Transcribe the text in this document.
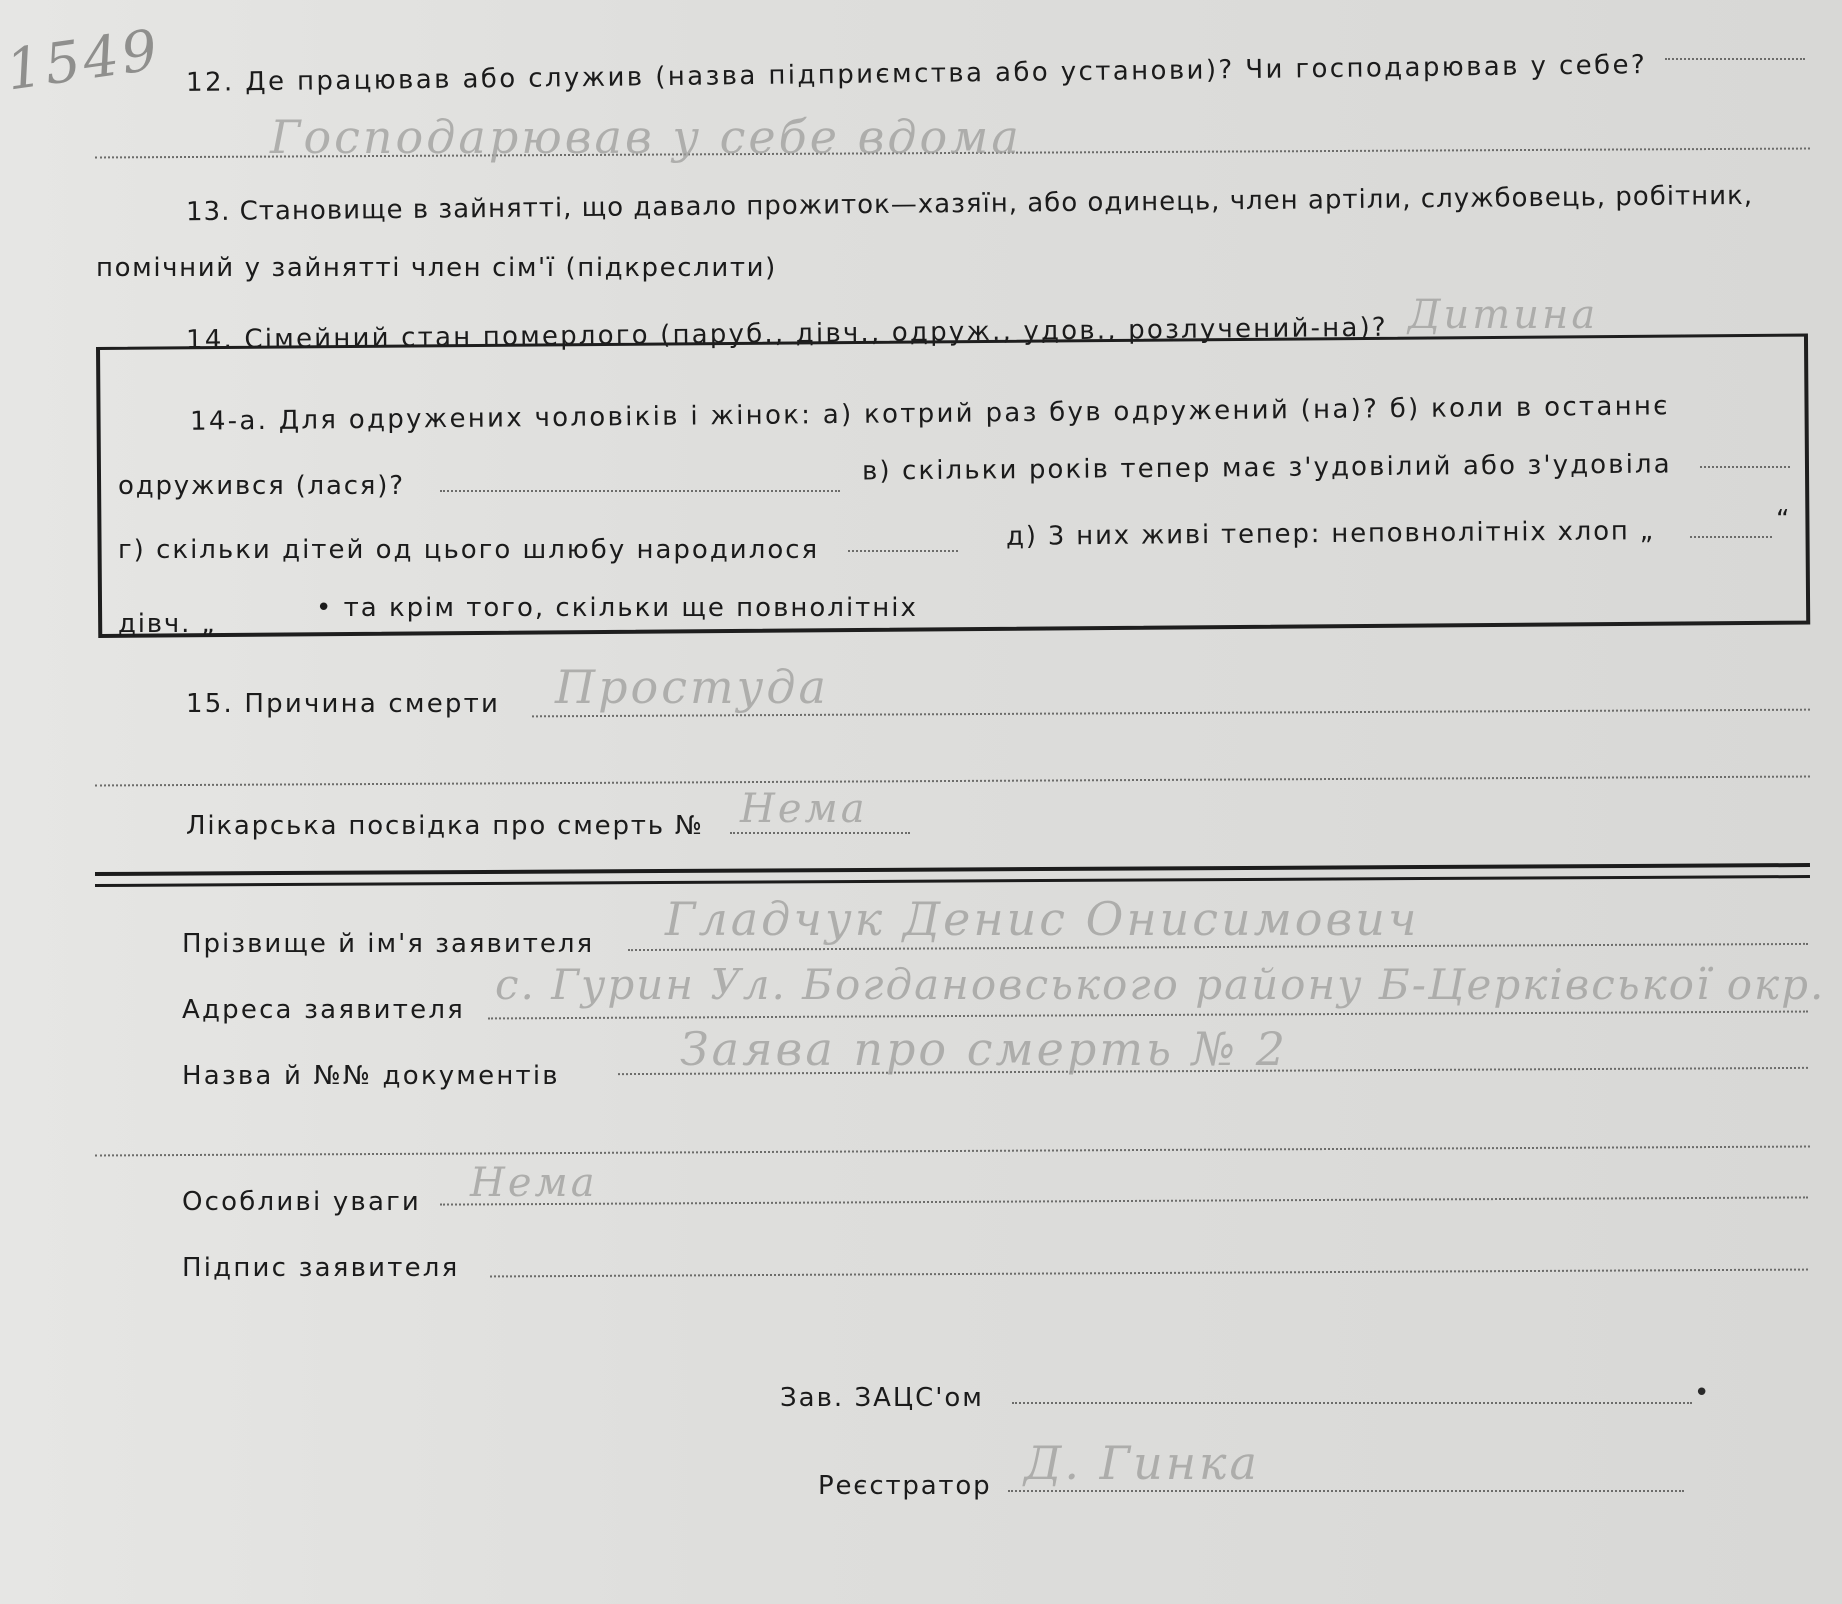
1549 12. Де працював або служив (назва підприємства або установи)? Чи господарював у себе?
Господарював у себе вдома
13. Становище в зайнятті, що давало прожиток—хазяїн, або одинець, член артіли, службовець, робітник,
помічний у зайнятті член сім'ї (підкреслити)
14. Сімейний стан померлого (паруб., дівч., одруж., удов., розлучений-на)? Дитина
14-а. Для одружених чоловіків і жінок: а) котрий раз був одружений (на)? б) коли в останнє
одружився (лася)?	в) скільки років тепер має з'удовілий або з'удовіла
г) скільки дітей од цього шлюбу народилося	д) 3 них живі тепер: неповнолітніх хлоп „	“
дівч. „
• та крім того, скільки ще повнолітніх
15. Причина смерти Простуда
Лікарська посвідка про смерть № Нема
Прізвище й ім'я заявителя Гладчук Денис Онисимович
Адреса заявителя
с. Гурин Ул. Богдановського району Б-Церківської окр.
Назва й №№ документів	Заява про смерть № 2
Особливі уваги Нема
Підпис заявителя
Зав. ЗАЦС'ом	•
Реєстратор Д. Гинка
